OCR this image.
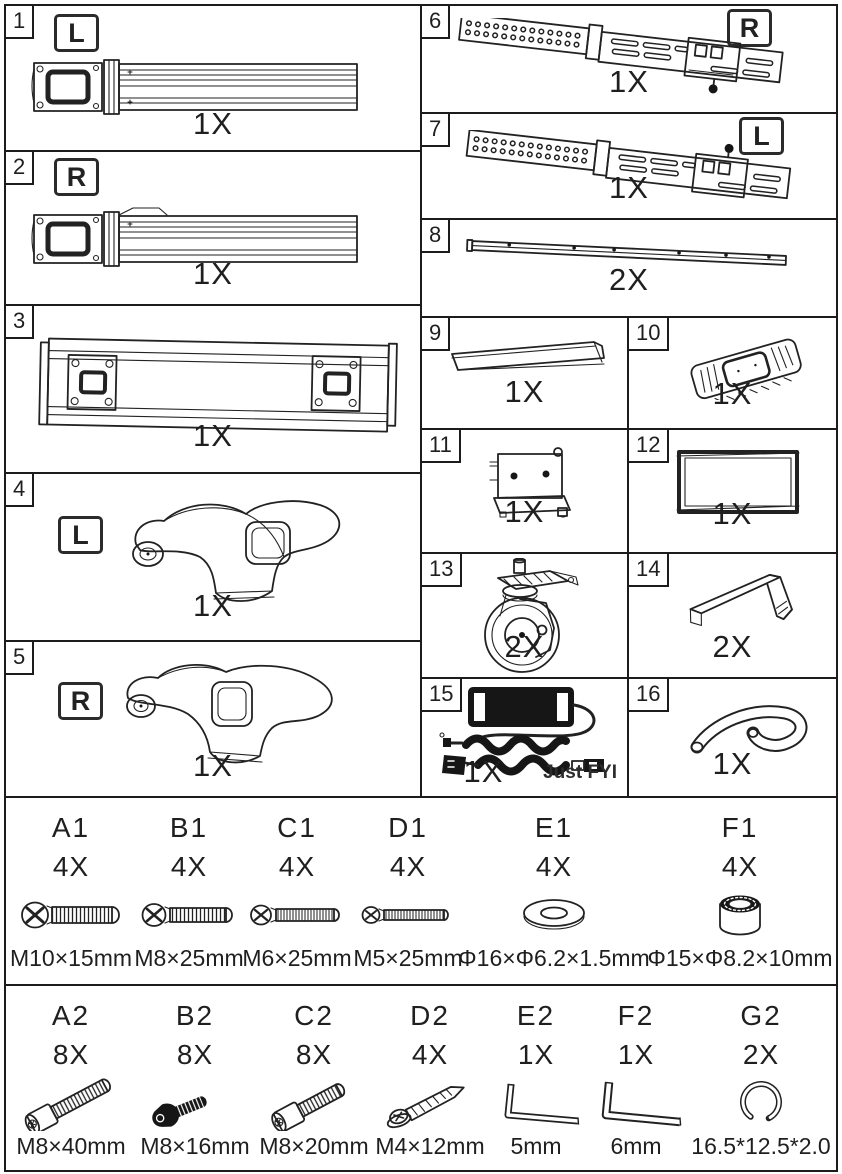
1	L
1X
2	R
1X
3
1X
4
L
1X
5
R
1X
6	R
1X
7	L
1X
8
2X
9
1X
10
1X
11
1X
12
1X
13
2X
14
2X
15
1X	Just FYI
16
1X
A1
4X
M10×15mm
B1
4X
M8×25mm
C1
4X
M6×25mm
D1
4X
M5×25mm
E1
4X
Φ16×Φ6.2×1.5mm
F1
4X
Φ15×Φ8.2×10mm
A2
8X
M8×40mm
B2
8X
M8×16mm
C2
8X
M8×20mm
D2
4X
M4×12mm
E2
1X
5mm
F2
1X
6mm
G2
2X
16.5*12.5*2.0
